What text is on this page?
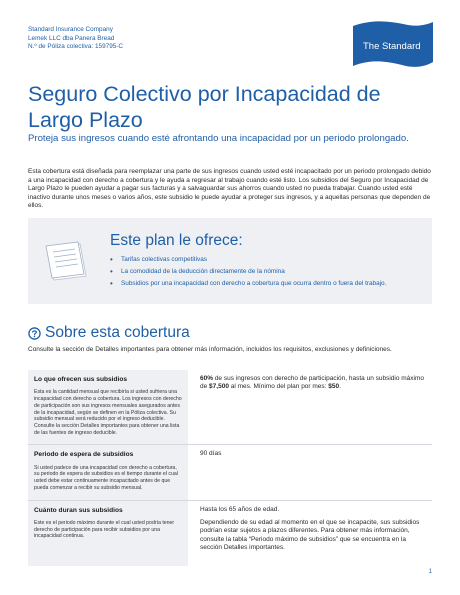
Standard Insurance Company
Lemek LLC dba Panera Bread
N.º de Póliza colectiva: 159795-C	The Standard
Seguro Colectivo por Incapacidad de Largo Plazo
Proteja sus ingresos cuando esté afrontando una incapacidad por un periodo prolongado.

Esta cobertura está diseñada para reemplazar una parte de sus ingresos cuando usted esté incapacitado por un periodo prolongado debido a una incapacidad con derecho a cobertura y le ayuda a regresar al trabajo cuando esté listo. Los subsidios del Seguro por Incapacidad de Largo Plazo le pueden ayudar a pagar sus facturas y a salvaguardar sus ahorros cuando usted no pueda trabajar. Cuando usted esté inactivo durante unos meses o varios años, este subsidio le puede ayudar a proteger sus ingresos, y a aquellas personas que dependen de ellos.

Este plan le ofrece:
• Tarifas colectivas competitivas
• La comodidad de la deducción directamente de la nómina
• Subsidios por una incapacidad con derecho a cobertura que ocurra dentro o fuera del trabajo.
Sobre esta cobertura

Consulte la sección de Detalles importantes para obtener más información, incluidos los requisitos, exclusiones y definiciones.

Lo que ofrecen sus subsidios
Esta es la cantidad mensual que recibiría si usted sufriera una incapacidad con derecho a cobertura. Los ingresos con derecho de participación son sus ingresos mensuales asegurados antes de la incapacidad, según se definen en la Póliza colectiva. Su subsidio mensual será reducido por el ingreso deducible. Consulte la sección Detalles importantes para obtener una lista de las fuentes de ingreso deducible.

60% de sus ingresos con derecho de participación, hasta un subsidio máximo de $7,500 al mes. Mínimo del plan por mes: $50.

Periodo de espera de subsidios
Si usted padece de una incapacidad con derecho a cobertura, su periodo de espera de subsidios es el tiempo durante el cual usted debe estar continuamente incapacitado antes de que pueda comenzar a recibir su subsidio mensual.

90 días

Cuánto duran sus subsidios
Este es el periodo máximo durante el cual usted podría tener derecho de participación para recibir subsidios por una incapacidad continua.

Hasta los 65 años de edad.

Dependiendo de su edad al momento en el que se incapacite, sus subsidios podrían estar sujetos a plazos diferentes. Para obtener más información, consulte la tabla “Periodo máximo de subsidios” que se encuentra en la sección Detalles importantes.

1
